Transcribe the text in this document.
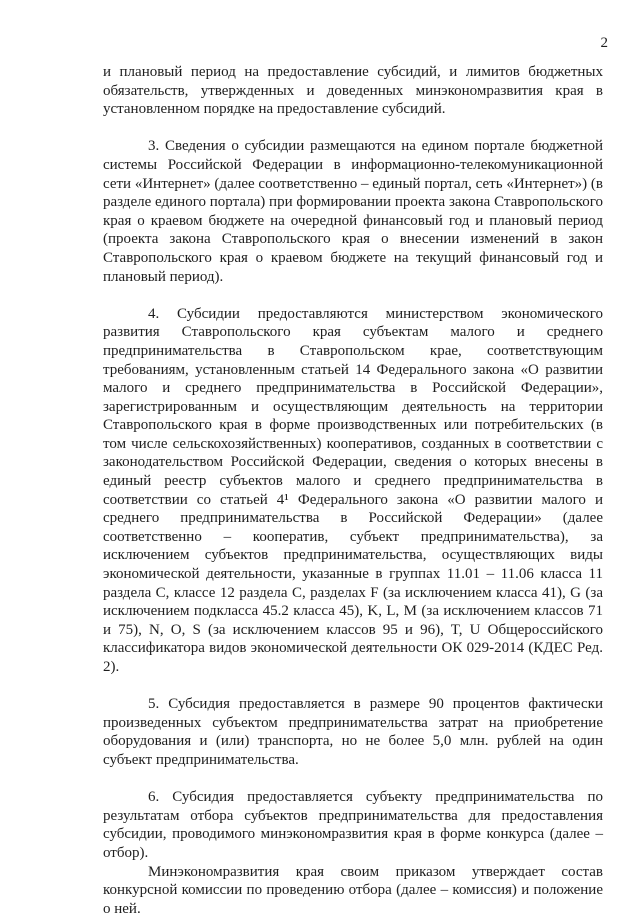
2

и плановый период на предоставление субсидий, и лимитов бюджетных обязательств, утвержденных и доведенных минэкономразвития края в установленном порядке на предоставление субсидий.

3. Сведения о субсидии размещаются на едином портале бюджетной системы Российской Федерации в информационно-телекомуникационной сети «Интернет» (далее соответственно – единый портал, сеть «Интернет») (в разделе единого портала) при формировании проекта закона Ставропольского края о краевом бюджете на очередной финансовый год и плановый период (проекта закона Ставропольского края о внесении изменений в закон Ставропольского края о краевом бюджете на текущий финансовый год и плановый период).

4. Субсидии предоставляются министерством экономического развития Ставропольского края субъектам малого и среднего предпринимательства в Ставропольском крае, соответствующим требованиям, установленным статьей 14 Федерального закона «О развитии малого и среднего предпринимательства в Российской Федерации», зарегистрированным и осуществляющим деятельность на территории Ставропольского края в форме производственных или потребительских (в том числе сельскохозяйственных) кооперативов, созданных в соответствии с законодательством Российской Федерации, сведения о которых внесены в единый реестр субъектов малого и среднего предпринимательства в соответствии со статьей 4¹ Федерального закона «О развитии малого и среднего предпринимательства в Российской Федерации» (далее соответственно – кооператив, субъект предпринимательства), за исключением субъектов предпринимательства, осуществляющих виды экономической деятельности, указанные в группах 11.01 – 11.06 класса 11 раздела С, классе 12 раздела С, разделах F (за исключением класса 41), G (за исключением подкласса 45.2 класса 45), K, L, M (за исключением классов 71 и 75), N, O, S (за исключением классов 95 и 96), T, U Общероссийского классификатора видов экономической деятельности ОК 029-2014 (КДЕС Ред. 2).

5. Субсидия предоставляется в размере 90 процентов фактически произведенных субъектом предпринимательства затрат на приобретение оборудования и (или) транспорта, но не более 5,0 млн. рублей на один субъект предпринимательства.

6. Субсидия предоставляется субъекту предпринимательства по результатам отбора субъектов предпринимательства для предоставления субсидии, проводимого минэкономразвития края в форме конкурса (далее – отбор).

Минэкономразвития края своим приказом утверждает состав конкурсной комиссии по проведению отбора (далее – комиссия) и положение о ней.
